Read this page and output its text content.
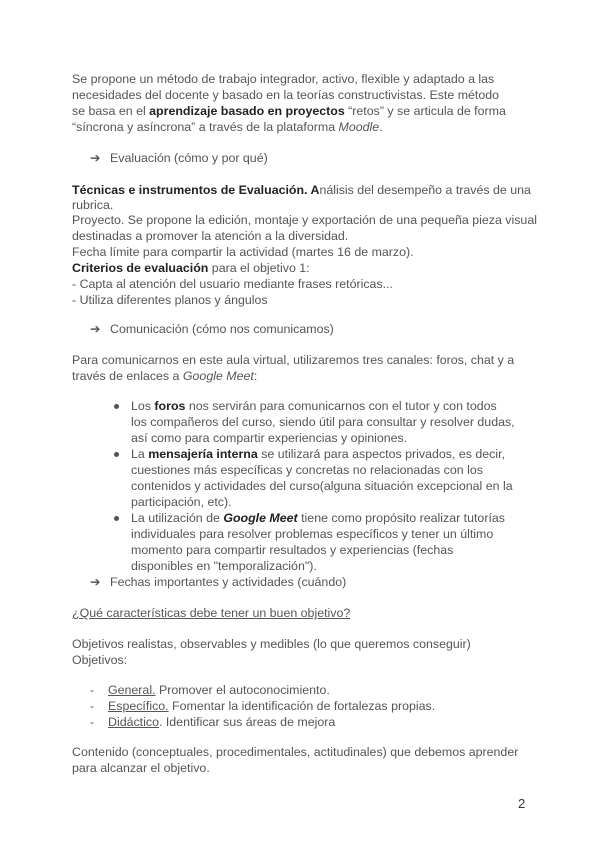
Se propone un método de trabajo integrador, activo, flexible y adaptado a las
necesidades del docente y basado en la teorías constructivistas. Este método
se basa en el aprendizaje basado en proyectos “retos” y se articula de forma
“síncrona y asíncrona” a través de la plataforma Moodle.
➔ Evaluación (cómo y por qué)
Técnicas e instrumentos de Evaluación. Análisis del desempeño a través de una
rubrica.
Proyecto. Se propone la edición, montaje y exportación de una pequeña pieza visual
destinadas a promover la atención a la diversidad.
Fecha límite para compartir la actividad (martes 16 de marzo).
Criterios de evaluación para el objetivo 1:
- Capta al atención del usuario mediante frases retóricas...
- Utiliza diferentes planos y ángulos
➔ Comunicación (cómo nos comunicamos)
Para comunicarnos en este aula virtual, utilizaremos tres canales: foros, chat y a
través de enlaces a Google Meet:
Los foros nos servirán para comunicarnos con el tutor y con todos
los compañeros del curso, siendo útil para consultar y resolver dudas,
así como para compartir experiencias y opiniones.
La mensajería interna se utilizará para aspectos privados, es decir,
cuestiones más específicas y concretas no relacionadas con los
contenidos y actividades del curso(alguna situación excepcional en la
participación, etc).
La utilización de Google Meet tiene como propósito realizar tutorías
individuales para resolver problemas específicos y tener un último
momento para compartir resultados y experiencias (fechas
disponibles en "temporalización").
➔ Fechas importantes y actividades (cuándo)
¿Qué características debe tener un buen objetivo?
Objetivos realistas, observables y medibles (lo que queremos conseguir)
Objetivos:
- General. Promover el autoconocimiento.
- Específico. Fomentar la identificación de fortalezas propias.
- Didáctico. Identificar sus áreas de mejora
Contenido (conceptuales, procedimentales, actitudinales) que debemos aprender
para alcanzar el objetivo.
2
